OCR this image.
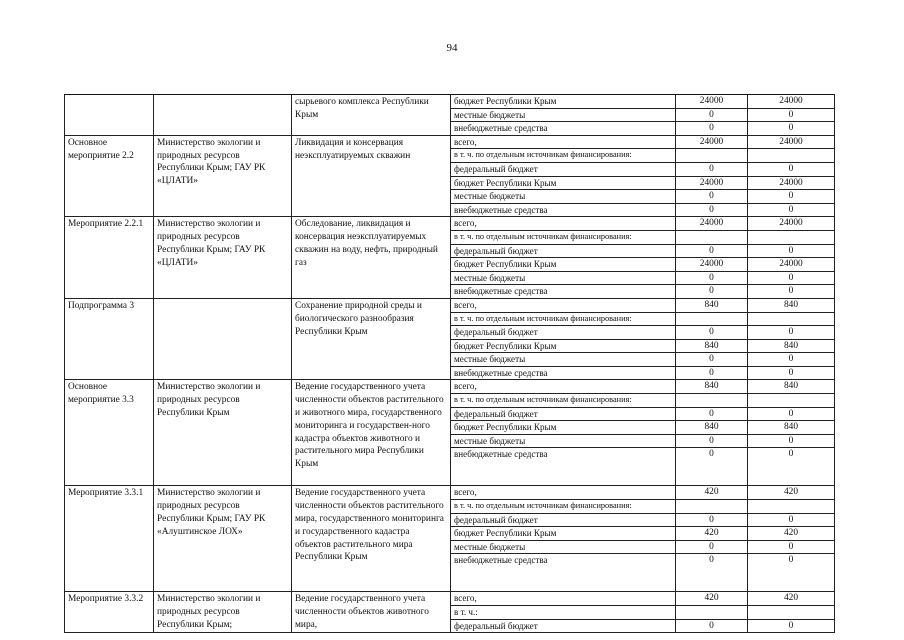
94
		сырьевого комплекса Республики Крым	бюджет Республики Крым	24000	24000
			местные бюджеты	0	0
			внебюджетные средства	0	0
Основное мероприятие 2.2	Министерство экологии и природных ресурсов Республики Крым; ГАУ РК «ЦЛАТИ»	Ликвидация и консервация неэксплуатируемых скважин	всего,	24000	24000
			в т. ч. по отдельным источникам финансирования:		
			федеральный бюджет	0	0
			бюджет Республики Крым	24000	24000
			местные бюджеты	0	0
			внебюджетные средства	0	0
Мероприятие 2.2.1	Министерство экологии и природных ресурсов Республики Крым; ГАУ РК «ЦЛАТИ»	Обследование, ликвидация и консервация неэксплуатируемых скважин на воду, нефть, природный газ	всего,	24000	24000
			в т. ч. по отдельным источникам финансирования:		
			федеральный бюджет	0	0
			бюджет Республики Крым	24000	24000
			местные бюджеты	0	0
			внебюджетные средства	0	0
Подпрограмма 3		Сохранение природной среды и биологического разнообразия Республики Крым	всего,	840	840
			в т. ч. по отдельным источникам финансирования:		
			федеральный бюджет	0	0
			бюджет Республики Крым	840	840
			местные бюджеты	0	0
			внебюджетные средства	0	0
Основное мероприятие 3.3	Министерство экологии и природных ресурсов Республики Крым	Ведение государственного учета численности объектов растительного и животного мира, государственного мониторинга и государствен-ного кадастра объектов животного и растительного мира Республики Крым	всего,	840	840
			в т. ч. по отдельным источникам финансирования:		
			федеральный бюджет	0	0
			бюджет Республики Крым	840	840
			местные бюджеты	0	0
			внебюджетные средства	0	0
Мероприятие 3.3.1	Министерство экологии и природных ресурсов Республики Крым; ГАУ РК «Алуштинское ЛОХ»	Ведение государственного учета численности объектов растительного мира, государственного мониторинга и государственного кадастра объектов растительного мира Республики Крым	всего,	420	420
			в т. ч. по отдельным источникам финансирования:		
			федеральный бюджет	0	0
			бюджет Республики Крым	420	420
			местные бюджеты	0	0
			внебюджетные средства	0	0
Мероприятие 3.3.2	Министерство экологии и природных ресурсов Республики Крым;	Ведение государственного учета численности объектов животного мира,	всего,	420	420
			в т. ч.:		
			федеральный бюджет	0	0
